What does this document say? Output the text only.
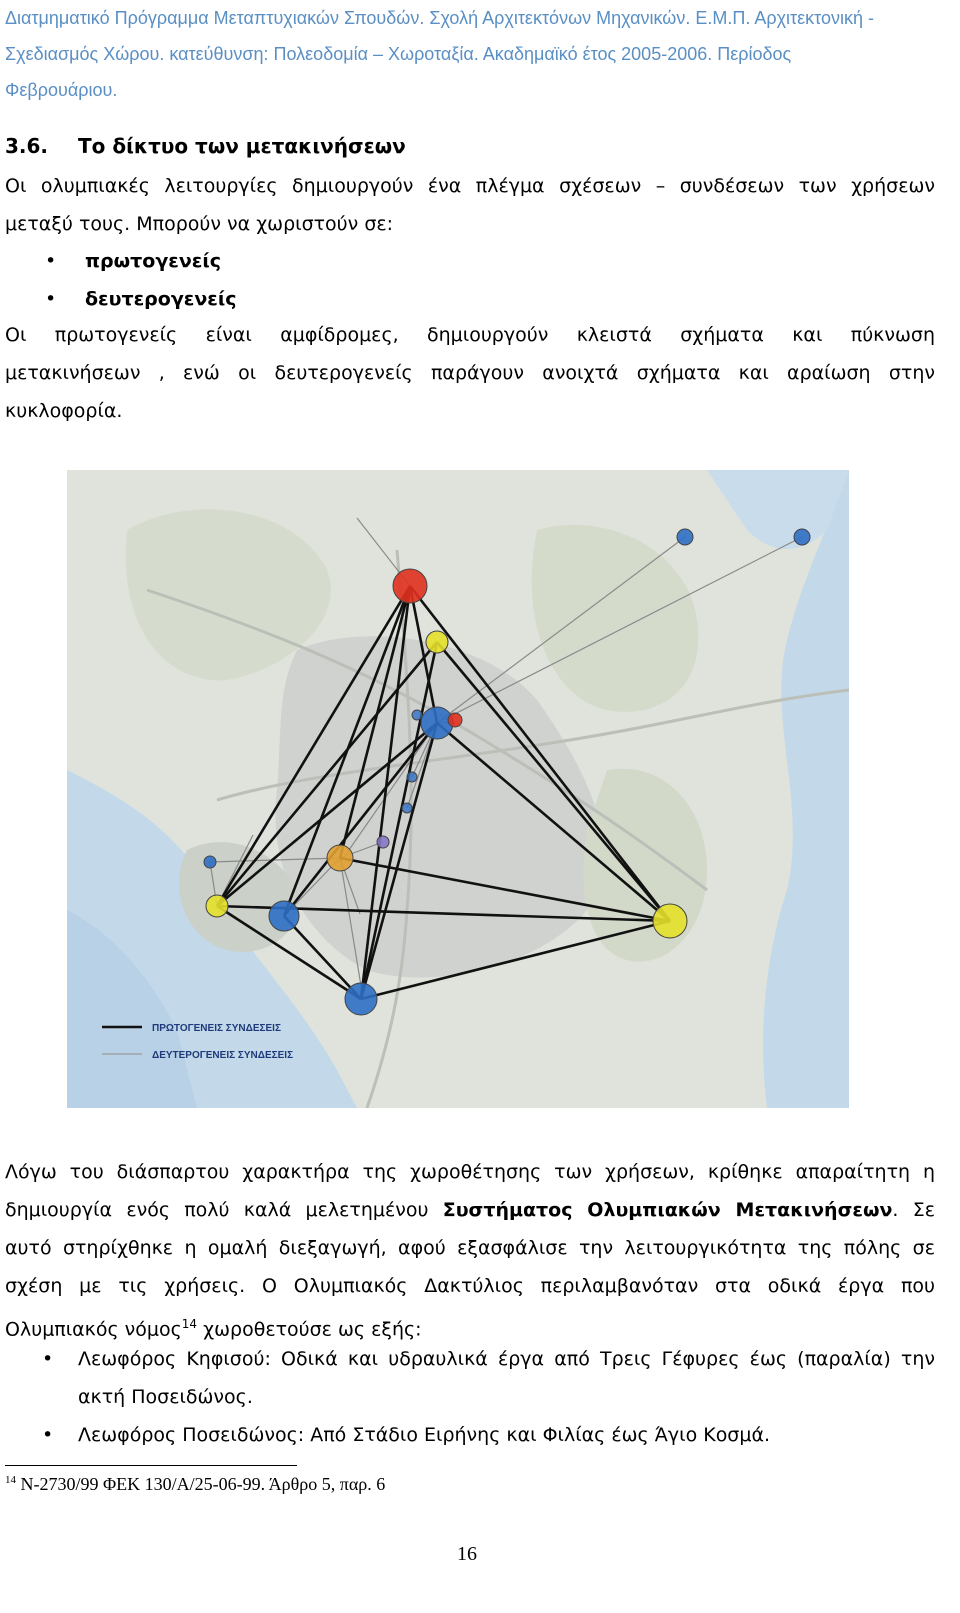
Διατμηματικό Πρόγραμμα Μεταπτυχιακών Σπουδών. Σχολή Αρχιτεκτόνων Μηχανικών. Ε.Μ.Π. Αρχιτεκτονική -
Σχεδιασμός Χώρου. κατεύθυνση: Πολεοδομία – Χωροταξία. Ακαδημαϊκό έτος 2005-2006. Περίοδος
Φεβρουάριου.
3.6. Το δίκτυο των μετακινήσεων
Οι ολυμπιακές λειτουργίες δημιουργούν ένα πλέγμα σχέσεων – συνδέσεων των χρήσεων
μεταξύ τους. Μπορούν να χωριστούν σε:
•	πρωτογενείς
•	δευτερογενείς
Οι πρωτογενείς είναι αμφίδρομες, δημιουργούν κλειστά σχήματα και πύκνωση
μετακινήσεων , ενώ οι δευτερογενείς παράγουν ανοιχτά σχήματα και αραίωση στην
κυκλοφορία.
ΠΡΩΤΟΓΕΝΕΙΣ ΣΥΝΔΕΣΕΙΣ
ΔΕΥΤΕΡΟΓΕΝΕΙΣ ΣΥΝΔΕΣΕΙΣ
Λόγω του διάσπαρτου χαρακτήρα της χωροθέτησης των χρήσεων, κρίθηκε απαραίτητη η
δημιουργία ενός πολύ καλά μελετημένου Συστήματος Ολυμπιακών Μετακινήσεων. Σε
αυτό στηρίχθηκε η ομαλή διεξαγωγή, αφού εξασφάλισε την λειτουργικότητα της πόλης σε
σχέση με τις χρήσεις. Ο Ολυμπιακός Δακτύλιος περιλαμβανόταν στα οδικά έργα που
Ολυμπιακός νόμος$^{14}$ χωροθετούσε ως εξής:
• Λεωφόρος Κηφισού: Οδικά και υδραυλικά έργα από Τρεις Γέφυρες έως (παραλία) την ακτή Ποσειδώνος.
• Λεωφόρος Ποσειδώνος: Από Στάδιο Ειρήνης και Φιλίας έως Άγιο Κοσμά.
$^{14}$ Ν-2730/99 ΦΕΚ 130/Α/25-06-99. Άρθρο 5, παρ. 6
16
